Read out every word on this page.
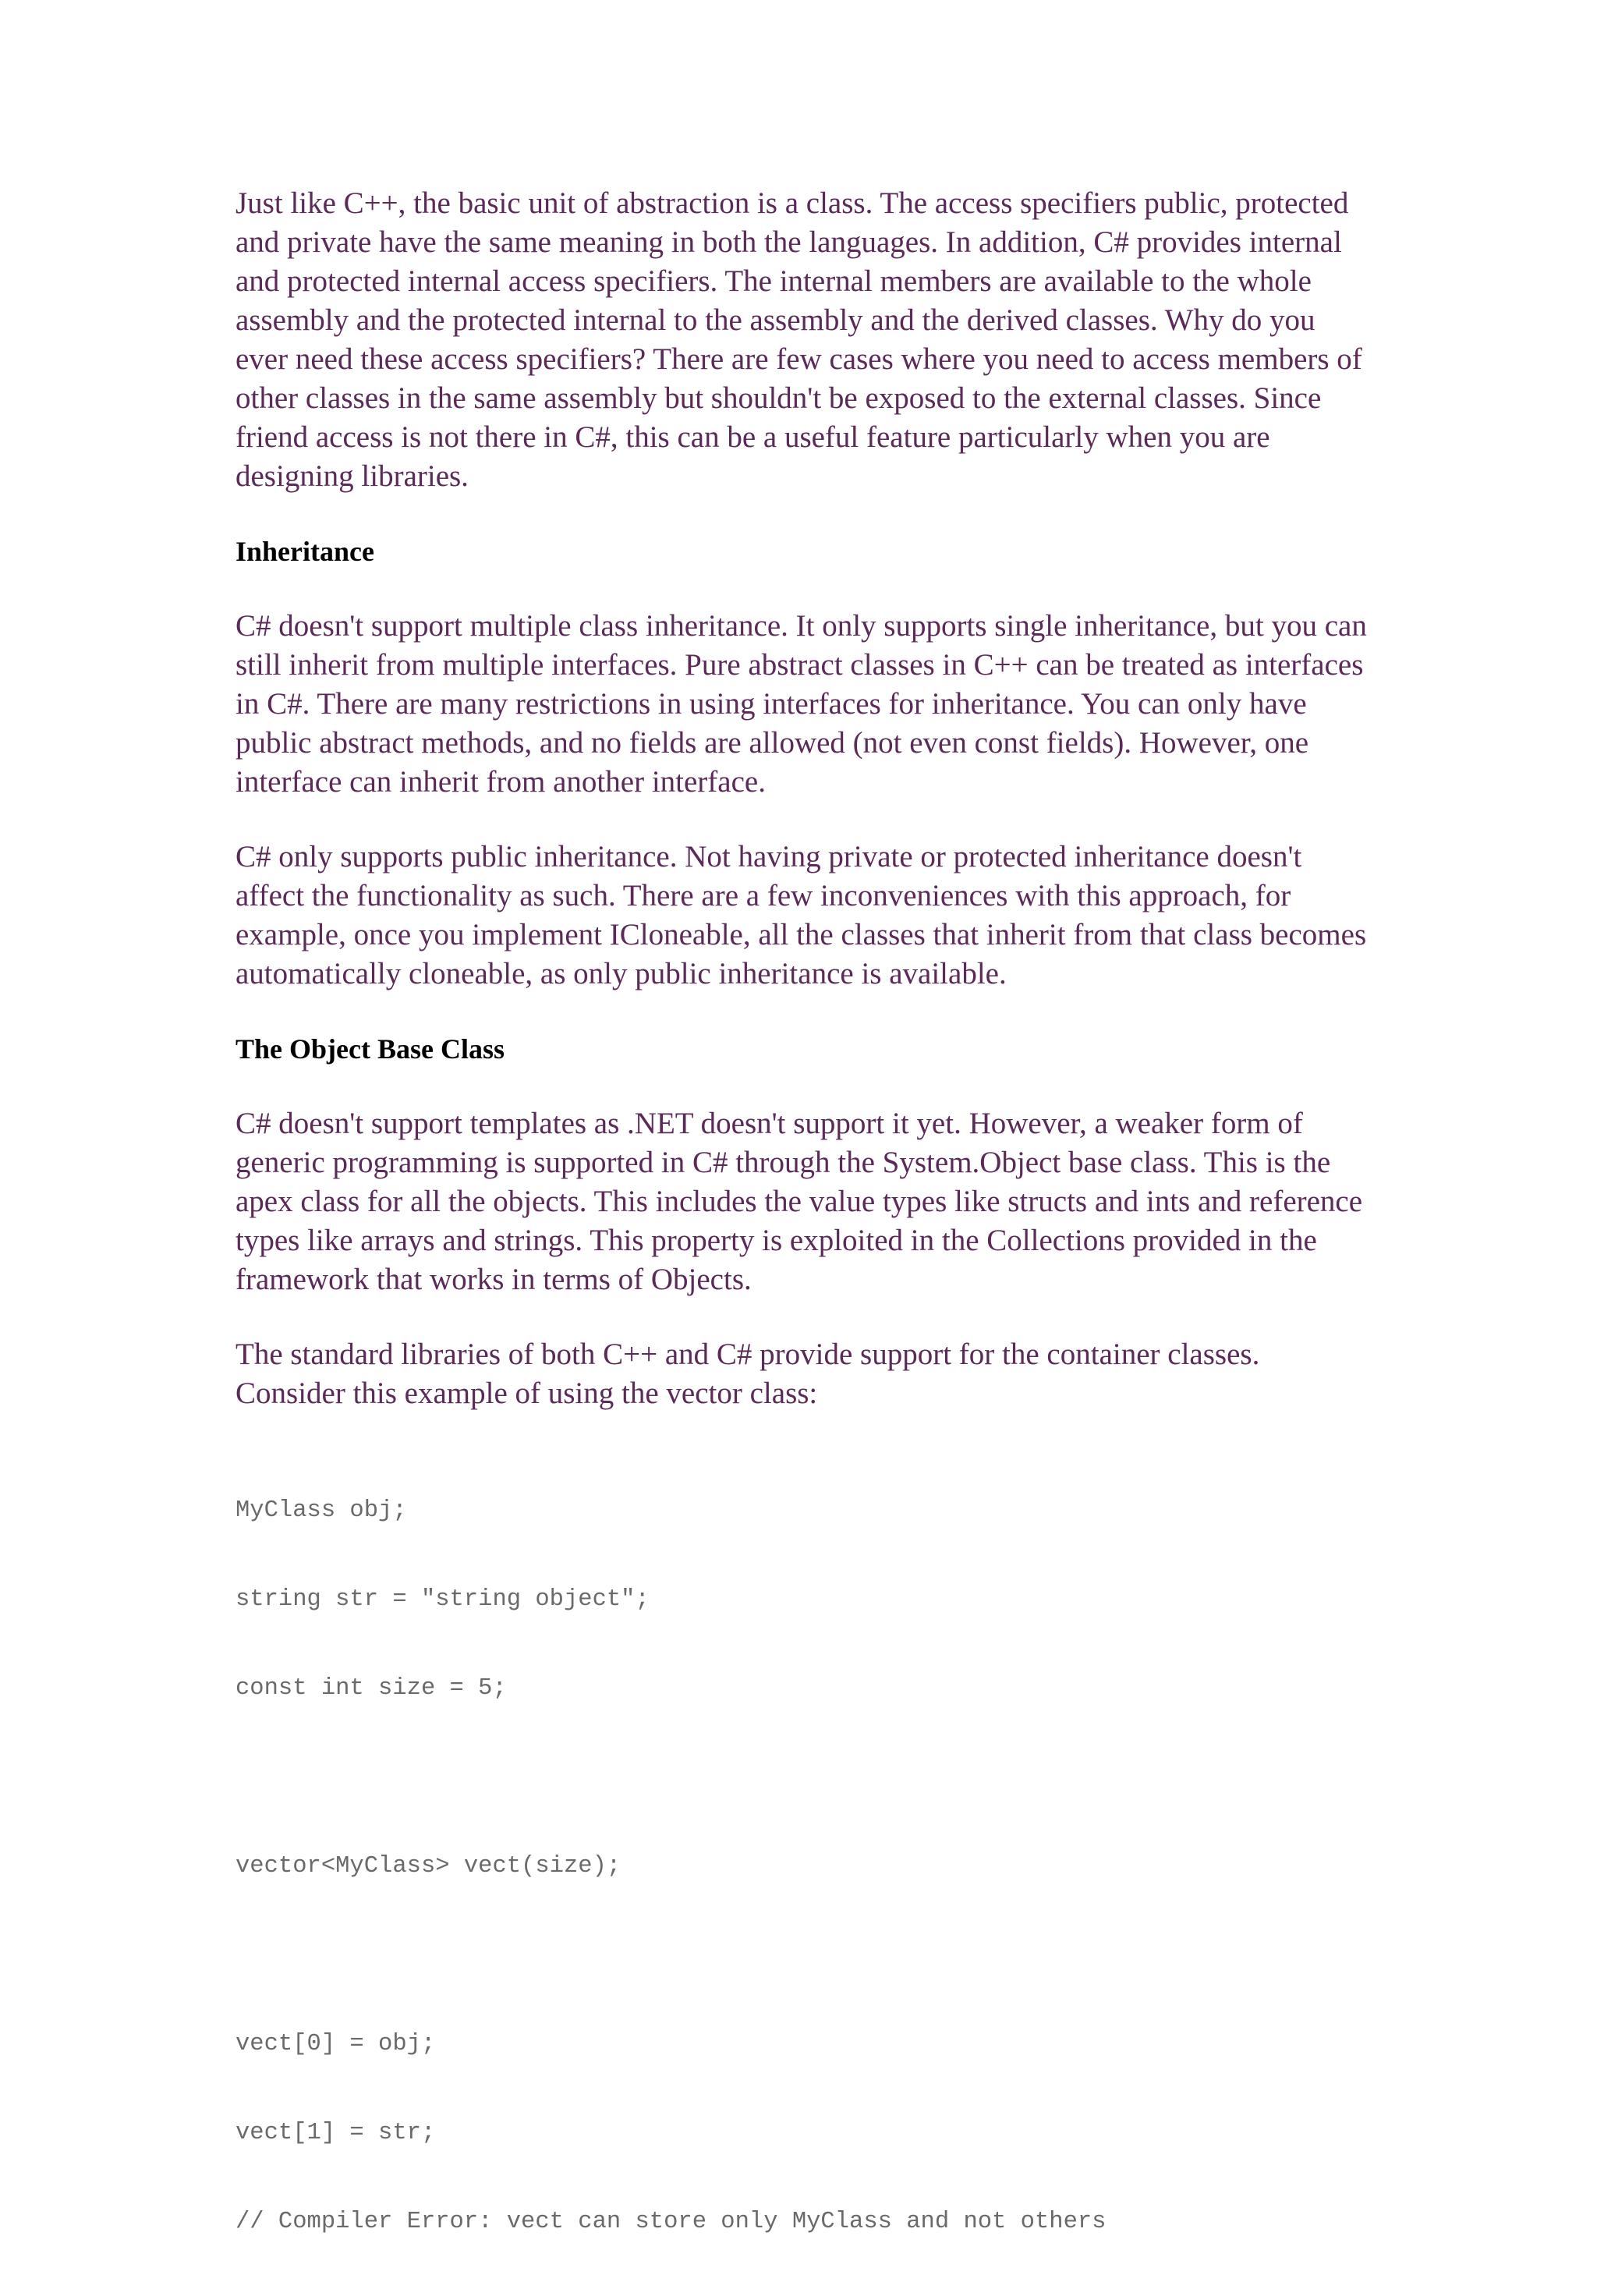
Just like C++, the basic unit of abstraction is a class. The access specifiers public, protected and private have the same meaning in both the languages. In addition, C# provides internal and protected internal access specifiers. The internal members are available to the whole assembly and the protected internal to the assembly and the derived classes. Why do you ever need these access specifiers? There are few cases where you need to access members of other classes in the same assembly but shouldn't be exposed to the external classes. Since friend access is not there in C#, this can be a useful feature particularly when you are designing libraries.

Inheritance

C# doesn't support multiple class inheritance. It only supports single inheritance, but you can still inherit from multiple interfaces. Pure abstract classes in C++ can be treated as interfaces in C#. There are many restrictions in using interfaces for inheritance. You can only have public abstract methods, and no fields are allowed (not even const fields). However, one interface can inherit from another interface.

C# only supports public inheritance. Not having private or protected inheritance doesn't affect the functionality as such. There are a few inconveniences with this approach, for example, once you implement ICloneable, all the classes that inherit from that class becomes automatically cloneable, as only public inheritance is available.

The Object Base Class

C# doesn't support templates as .NET doesn't support it yet. However, a weaker form of generic programming is supported in C# through the System.Object base class. This is the apex class for all the objects. This includes the value types like structs and ints and reference types like arrays and strings. This property is exploited in the Collections provided in the framework that works in terms of Objects.

The standard libraries of both C++ and C# provide support for the container classes. Consider this example of using the vector class:

MyClass obj;

string str = "string object";

const int size = 5;

vector<MyClass> vect(size);

vect[0] = obj;

vect[1] = str;

// Compiler Error: vect can store only MyClass and not others
